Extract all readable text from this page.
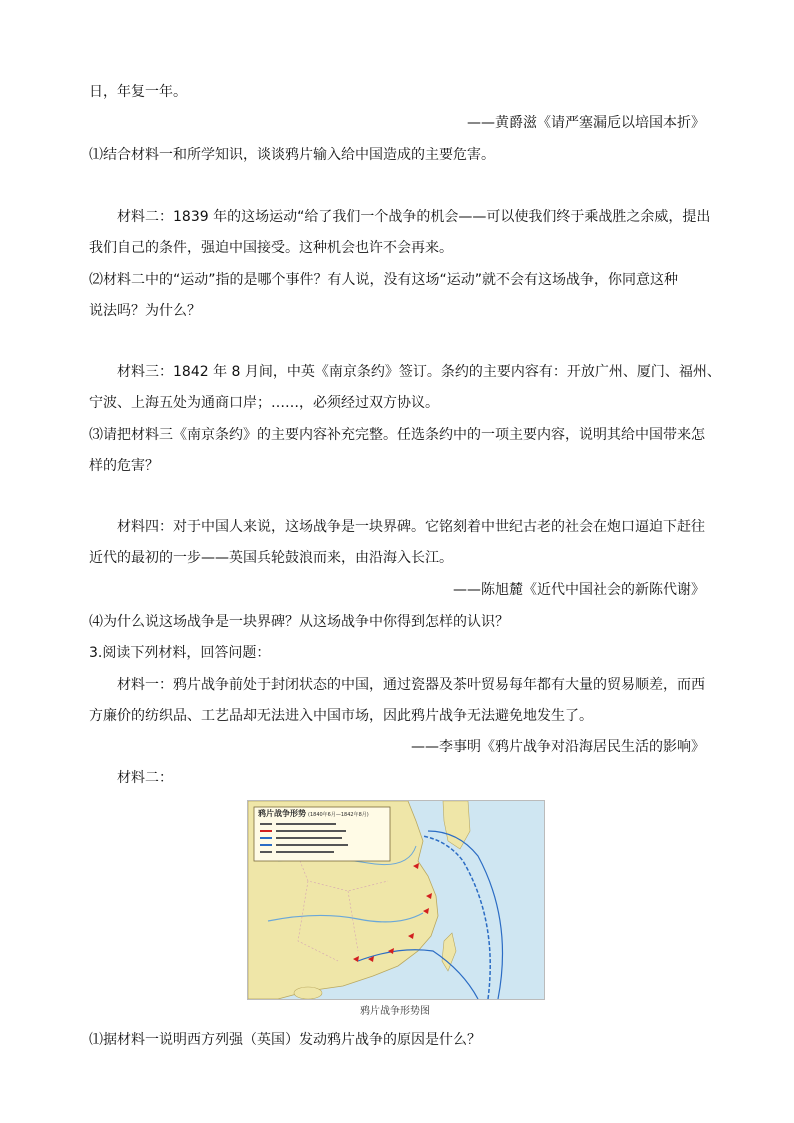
日，年复一年。
——黄爵滋《请严塞漏卮以培国本折》
⑴结合材料一和所学知识，谈谈鸦片输入给中国造成的主要危害。
材料二：1839 年的这场运动“给了我们一个战争的机会——可以使我们终于乘战胜之余威，提出
我们自己的条件，强迫中国接受。这种机会也许不会再来。
⑵材料二中的“运动”指的是哪个事件？有人说，没有这场“运动”就不会有这场战争，你同意这种
说法吗？为什么？
材料三：1842 年 8 月间，中英《南京条约》签订。条约的主要内容有：开放广州、厦门、福州、
宁波、上海五处为通商口岸；……，必须经过双方协议。
⑶请把材料三《南京条约》的主要内容补充完整。任选条约中的一项主要内容，说明其给中国带来怎
样的危害？
材料四：对于中国人来说，这场战争是一块界碑。它铭刻着中世纪古老的社会在炮口逼迫下赶往
近代的最初的一步——英国兵轮鼓浪而来，由沿海入长江。
——陈旭麓《近代中国社会的新陈代谢》
⑷为什么说这场战争是一块界碑？从这场战争中你得到怎样的认识？
3.阅读下列材料，回答问题：
材料一：鸦片战争前处于封闭状态的中国，通过瓷器及茶叶贸易每年都有大量的贸易顺差，而西
方廉价的纺织品、工艺品却无法进入中国市场，因此鸦片战争无法避免地发生了。
——李事明《鸦片战争对沿海居民生活的影响》
材料二：
鸦片战争形势 (1840年6月—1842年8月)
鸦片战争形势图
⑴据材料一说明西方列强（英国）发动鸦片战争的原因是什么？
